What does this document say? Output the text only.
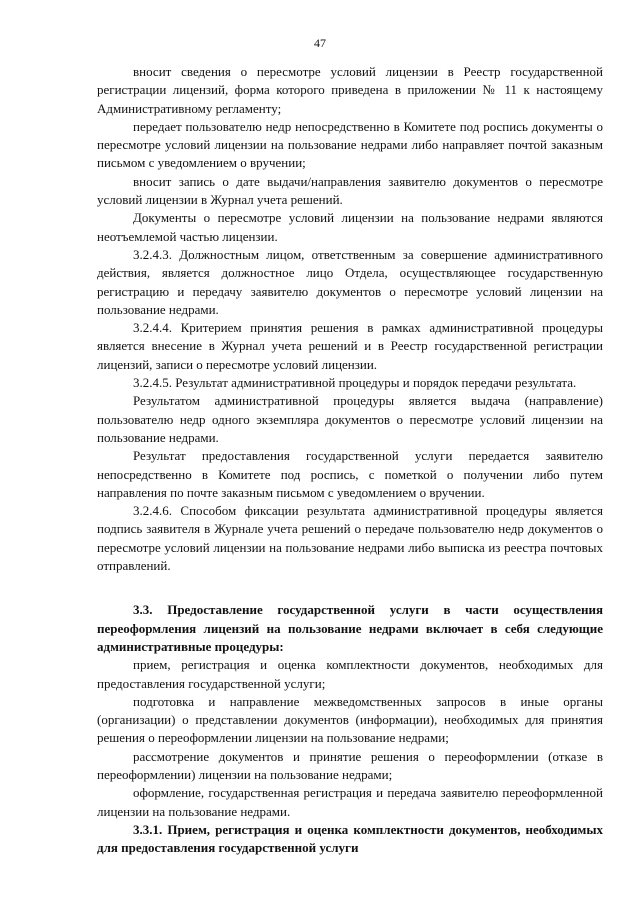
47

вносит сведения о пересмотре условий лицензии в Реестр государственной регистрации лицензий, форма которого приведена в приложении № 11 к настоящему Административному регламенту;

передает пользователю недр непосредственно в Комитете под роспись документы о пересмотре условий лицензии на пользование недрами либо направляет почтой заказным письмом с уведомлением о вручении;

вносит запись о дате выдачи/направления заявителю документов о пересмотре условий лицензии в Журнал учета решений.

Документы о пересмотре условий лицензии на пользование недрами являются неотъемлемой частью лицензии.

3.2.4.3. Должностным лицом, ответственным за совершение административного действия, является должностное лицо Отдела, осуществляющее государственную регистрацию и передачу заявителю документов о пересмотре условий лицензии на пользование недрами.

3.2.4.4. Критерием принятия решения в рамках административной процедуры является внесение в Журнал учета решений и в Реестр государственной регистрации лицензий, записи о пересмотре условий лицензии.

3.2.4.5. Результат административной процедуры и порядок передачи результата.

Результатом административной процедуры является выдача (направление) пользователю недр одного экземпляра документов о пересмотре условий лицензии на пользование недрами.

Результат предоставления государственной услуги передается заявителю непосредственно в Комитете под роспись, с пометкой о получении либо путем направления по почте заказным письмом с уведомлением о вручении.

3.2.4.6. Способом фиксации результата административной процедуры является подпись заявителя в Журнале учета решений о передаче пользователю недр документов о пересмотре условий лицензии на пользование недрами либо выписка из реестра почтовых отправлений.

3.3. Предоставление государственной услуги в части осуществления переоформления лицензий на пользование недрами включает в себя следующие административные процедуры:

прием, регистрация и оценка комплектности документов, необходимых для предоставления государственной услуги;

подготовка и направление межведомственных запросов в иные органы (организации) о представлении документов (информации), необходимых для принятия решения о переоформлении лицензии на пользование недрами;

рассмотрение документов и принятие решения о переоформлении (отказе в переоформлении) лицензии на пользование недрами;

оформление, государственная регистрация и передача заявителю переоформленной лицензии на пользование недрами.

3.3.1. Прием, регистрация и оценка комплектности документов, необходимых для предоставления государственной услуги
